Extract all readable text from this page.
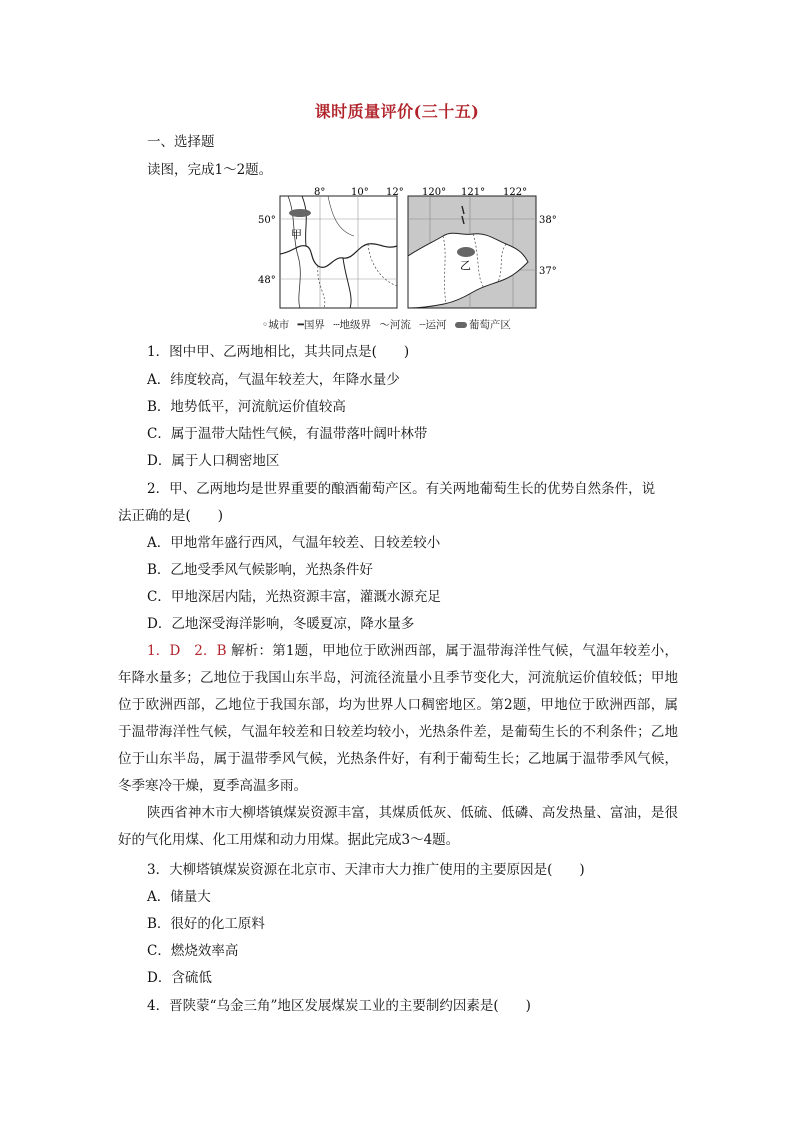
课时质量评价(三十五)
一、选择题
读图，完成1～2题。
甲
8°	10° 12°
50°
48°
乙
120° 121° 122°
38°
37°
◦城市 ━国界 ┄地级界 ～河流 ┈运河 葡萄产区
1．图中甲、乙两地相比，其共同点是(　　)
A．纬度较高，气温年较差大，年降水量少
B．地势低平，河流航运价值较高
C．属于温带大陆性气候，有温带落叶阔叶林带
D．属于人口稠密地区
2．甲、乙两地均是世界重要的酿酒葡萄产区。有关两地葡萄生长的优势自然条件，说
法正确的是(　　)
A．甲地常年盛行西风，气温年较差、日较差较小
B．乙地受季风气候影响，光热条件好
C．甲地深居内陆，光热资源丰富，灌溉水源充足
D．乙地深受海洋影响，冬暖夏凉，降水量多
1．D　2．B 解析：第1题，甲地位于欧洲西部，属于温带海洋性气候，气温年较差小，年降水量多；乙地位于我国山东半岛，河流径流量小且季节变化大，河流航运价值较低；甲地位于欧洲西部，乙地位于我国东部，均为世界人口稠密地区。第2题，甲地位于欧洲西部，属于温带海洋性气候，气温年较差和日较差均较小，光热条件差，是葡萄生长的不利条件；乙地位于山东半岛，属于温带季风气候，光热条件好，有利于葡萄生长；乙地属于温带季风气候，冬季寒冷干燥，夏季高温多雨。
陕西省神木市大柳塔镇煤炭资源丰富，其煤质低灰、低硫、低磷、高发热量、富油，是很好的气化用煤、化工用煤和动力用煤。据此完成3～4题。
3．大柳塔镇煤炭资源在北京市、天津市大力推广使用的主要原因是(　　)
A．储量大
B．很好的化工原料
C．燃烧效率高
D．含硫低
4．晋陕蒙“乌金三角”地区发展煤炭工业的主要制约因素是(　　)
